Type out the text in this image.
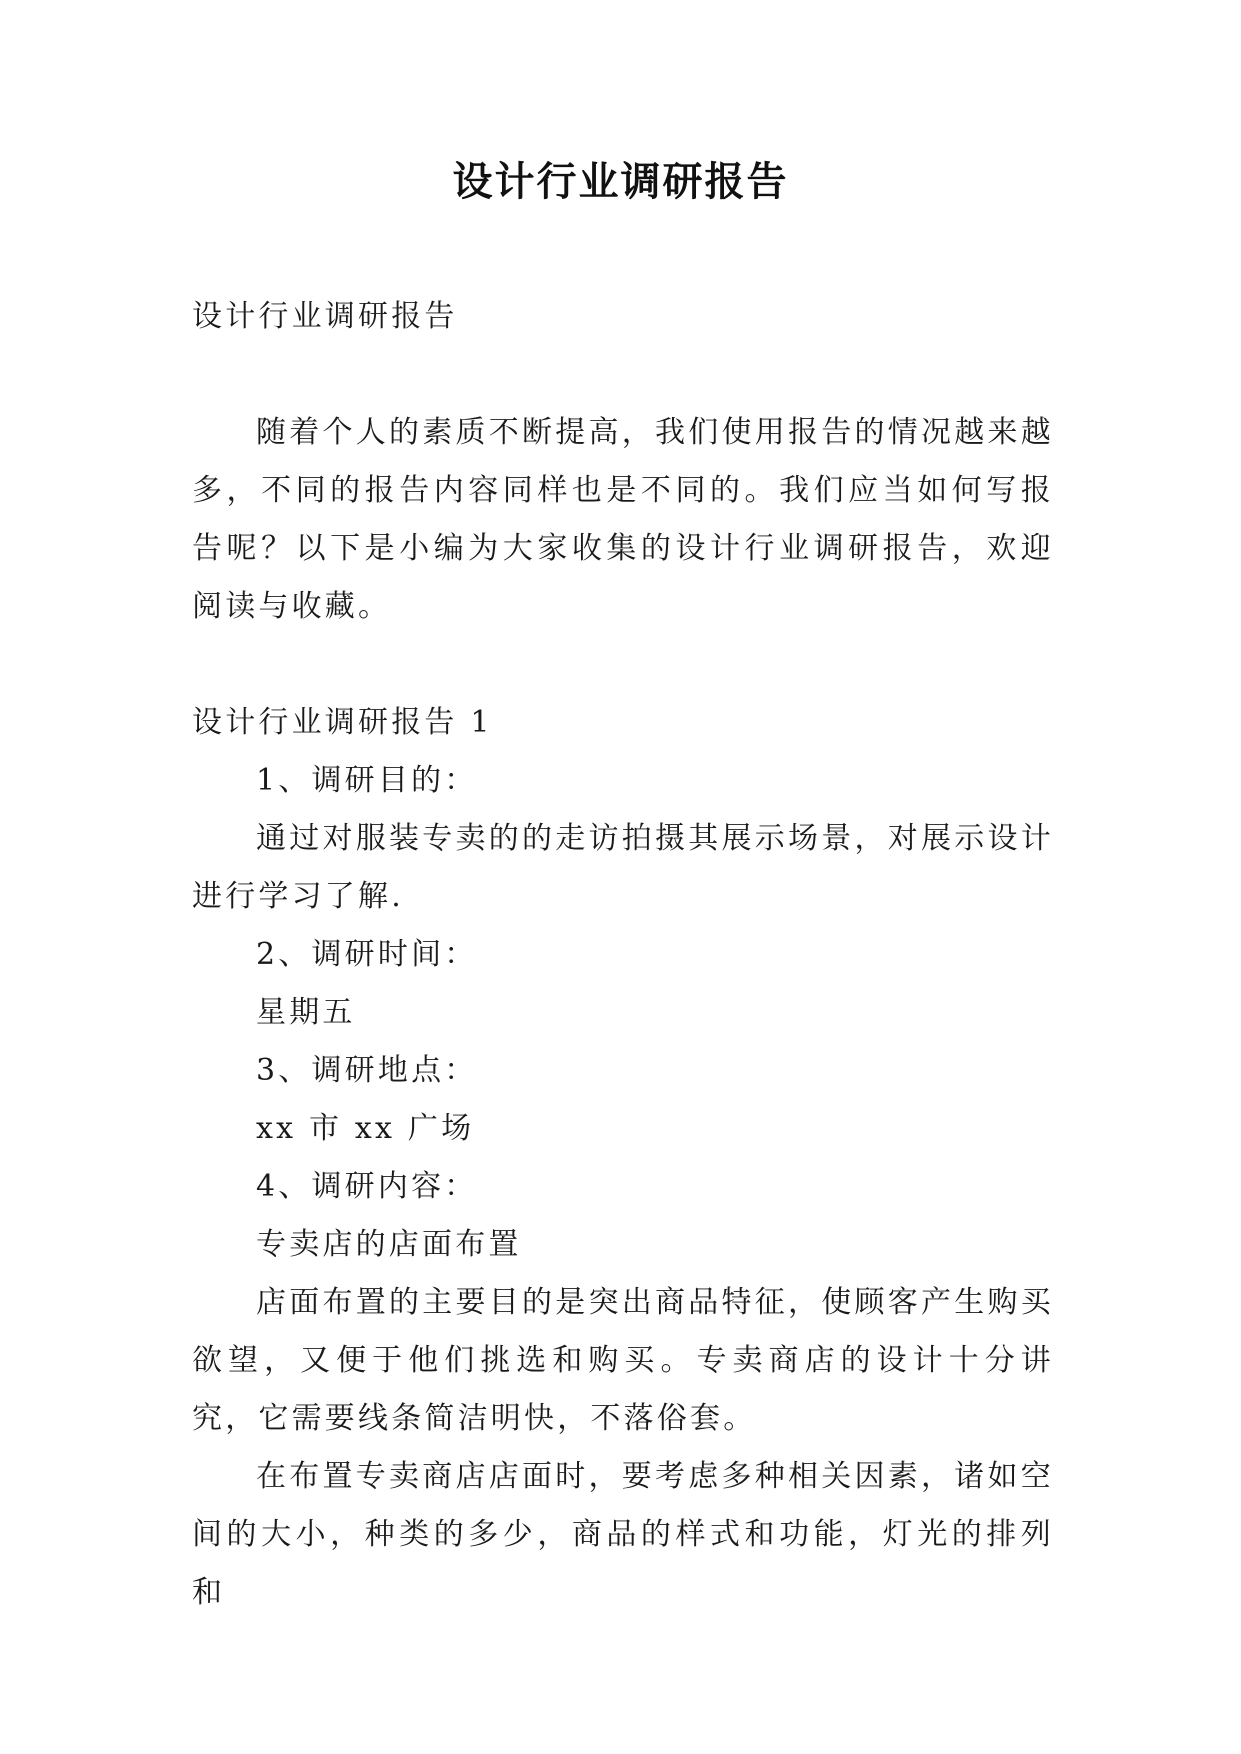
设计行业调研报告

设计行业调研报告

随着个人的素质不断提高，我们使用报告的情况越来越多，不同的报告内容同样也是不同的。我们应当如何写报告呢？以下是小编为大家收集的设计行业调研报告，欢迎阅读与收藏。

设计行业调研报告 1

1、调研目的：

通过对服装专卖的的走访拍摄其展示场景，对展示设计进行学习了解.

2、调研时间：

星期五

3、调研地点：

xx 市 xx 广场

4、调研内容：

专卖店的店面布置

店面布置的主要目的是突出商品特征，使顾客产生购买欲望，又便于他们挑选和购买。专卖商店的设计十分讲究，它需要线条简洁明快，不落俗套。

在布置专卖商店店面时，要考虑多种相关因素，诸如空间的大小，种类的多少，商品的样式和功能，灯光的排列和
